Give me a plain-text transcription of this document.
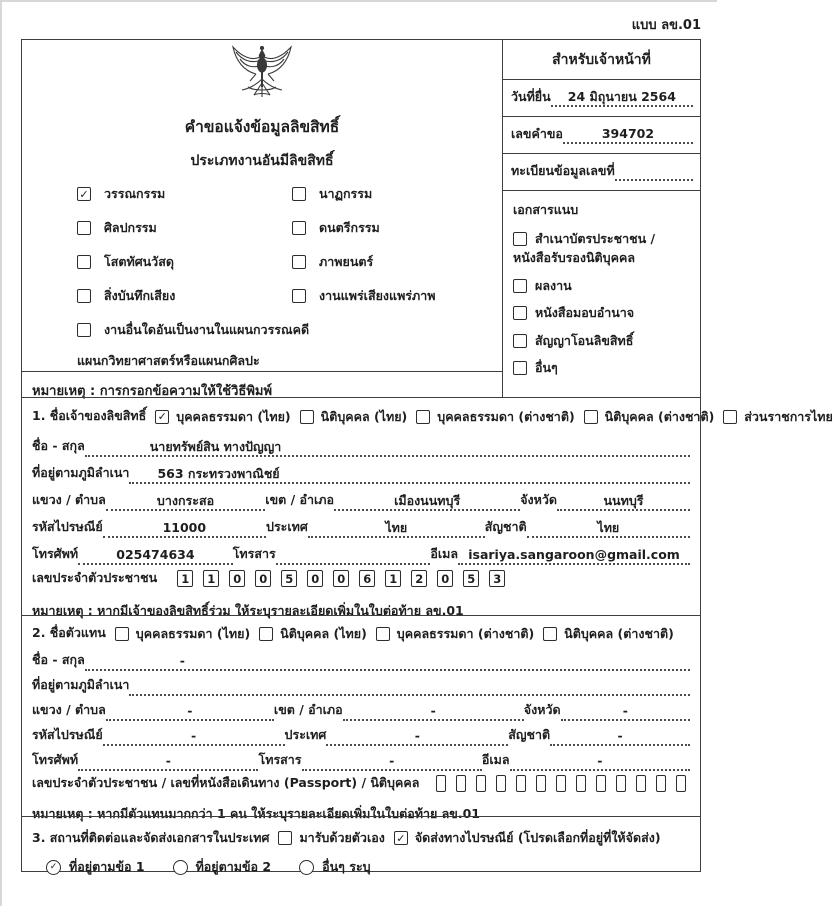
แบบ ลข.01
คำขอแจ้งข้อมูลลิขสิทธิ์
ประเภทงานอันมีลิขสิทธิ์
✓
วรรณกรรม	นาฏกรรม
ศิลปกรรม	ดนตรีกรรม
โสตทัศนวัสดุ	ภาพยนตร์
สิ่งบันทึกเสียง	งานแพร่เสียงแพร่ภาพ
งานอื่นใดอันเป็นงานในแผนกวรรณคดี
แผนกวิทยาศาสตร์หรือแผนกศิลปะ
หมายเหตุ : การกรอกข้อความให้ใช้วิธีพิมพ์
สำหรับเจ้าหน้าที่
วันที่ยื่น	24 มิถุนายน 2564
เลขคำขอ	394702
ทะเบียนข้อมูลเลขที่
เอกสารแนบ
สำเนาบัตรประชาชน / หนังสือรับรองนิติบุคคล
ผลงาน
หนังสือมอบอำนาจ
สัญญาโอนลิขสิทธิ์
อื่นๆ
1. ชื่อเจ้าของลิขสิทธิ์ ✓ บุคคลธรรมดา (ไทย) นิติบุคคล (ไทย) บุคคลธรรมดา (ต่างชาติ) นิติบุคคล (ต่างชาติ) ส่วนราชการไทย
ชื่อ - สกุล	นายทรัพย์สิน ทางปัญญา
ที่อยู่ตามภูมิลำเนา	563 กระทรวงพาณิชย์
แขวง / ตำบล	บางกระสอ	เขต / อำเภอ	เมืองนนทบุรี	จังหวัด	นนทบุรี
รหัสไปรษณีย์	11000	ประเทศ	ไทย	สัญชาติ	ไทย
โทรศัพท์	025474634	โทรสาร	อีเมล isariya.sangaroon@gmail.com
เลขประจำตัวประชาชน	1	1	0	0	5	0	0	6	1	2	0	5	3
หมายเหตุ : หากมีเจ้าของลิขสิทธิ์ร่วม ให้ระบุรายละเอียดเพิ่มในใบต่อท้าย ลข.01
2. ชื่อตัวแทน บุคคลธรรมดา (ไทย) นิติบุคคล (ไทย) บุคคลธรรมดา (ต่างชาติ) นิติบุคคล (ต่างชาติ)
ชื่อ - สกุล	-
ที่อยู่ตามภูมิลำเนา
แขวง / ตำบล	-	เขต / อำเภอ	-	จังหวัด	-
รหัสไปรษณีย์	-	ประเทศ	-	สัญชาติ	-
โทรศัพท์	-	โทรสาร	-	อีเมล	-
เลขประจำตัวประชาชน / เลขที่หนังสือเดินทาง (Passport) / นิติบุคคล
หมายเหตุ : หากมีตัวแทนมากกว่า 1 คน ให้ระบุรายละเอียดเพิ่มในใบต่อท้าย ลข.01
3. สถานที่ติดต่อและจัดส่งเอกสารในประเทศ มารับด้วยตัวเอง ✓ จัดส่งทางไปรษณีย์ (โปรดเลือกที่อยู่ที่ให้จัดส่ง)
✓
ที่อยู่ตามข้อ 1	ที่อยู่ตามข้อ 2	อื่นๆ ระบุ
